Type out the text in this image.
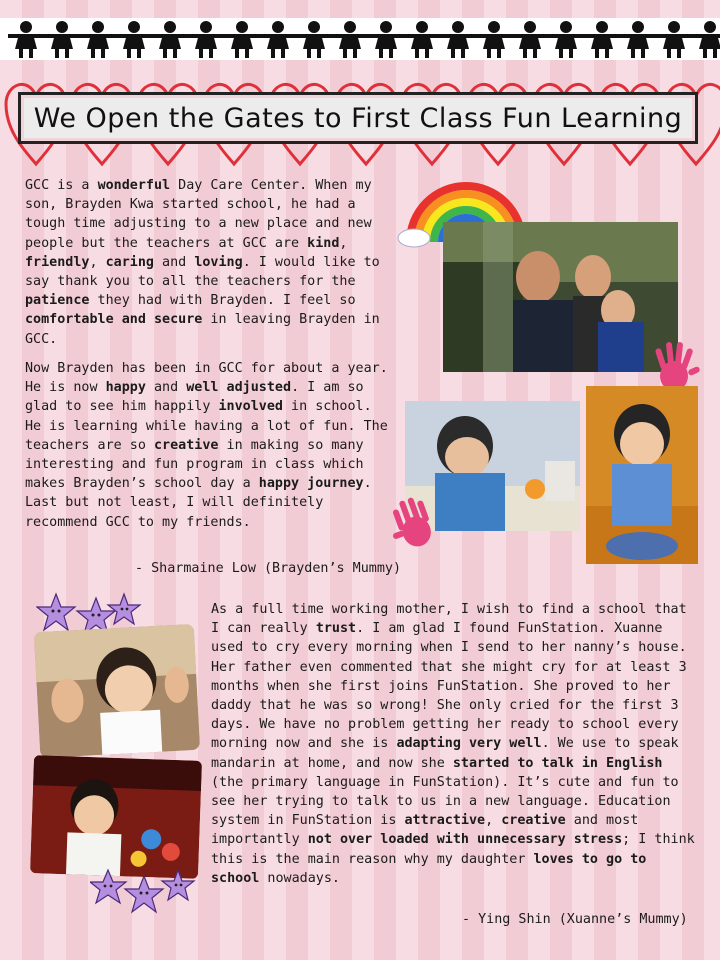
We Open the Gates to First Class Fun Learning

GCC is a wonderful Day Care Center. When my son, Brayden Kwa started school, he had a tough time adjusting to a new place and new people but the teachers at GCC are kind, friendly, caring and loving. I would like to say thank you to all the teachers for the patience they had with Brayden. I feel so comfortable and secure in leaving Brayden in GCC.

Now Brayden has been in GCC for about a year. He is now happy and well adjusted. I am so glad to see him happily involved in school. He is learning while having a lot of fun. The teachers are so creative in making so many interesting and fun program in class which makes Brayden’s school day a happy journey. Last but not least, I will definitely recommend GCC to my friends.

- Sharmaine Low (Brayden’s Mummy)

As a full time working mother, I wish to find a school that I can really trust. I am glad I found FunStation. Xuanne used to cry every morning when I send to her nanny’s house. Her father even commented that she might cry for at least 3 months when she first joins FunStation. She proved to her daddy that he was so wrong! She only cried for the first 3 days. We have no problem getting her ready to school every morning now and she is adapting very well. We use to speak mandarin at home, and now she started to talk in English (the primary language in FunStation). It’s cute and fun to see her trying to talk to us in a new language. Education system in FunStation is attractive, creative and most importantly not over loaded with unnecessary stress; I think this is the main reason why my daughter loves to go to school nowadays.

- Ying Shin (Xuanne’s Mummy)
